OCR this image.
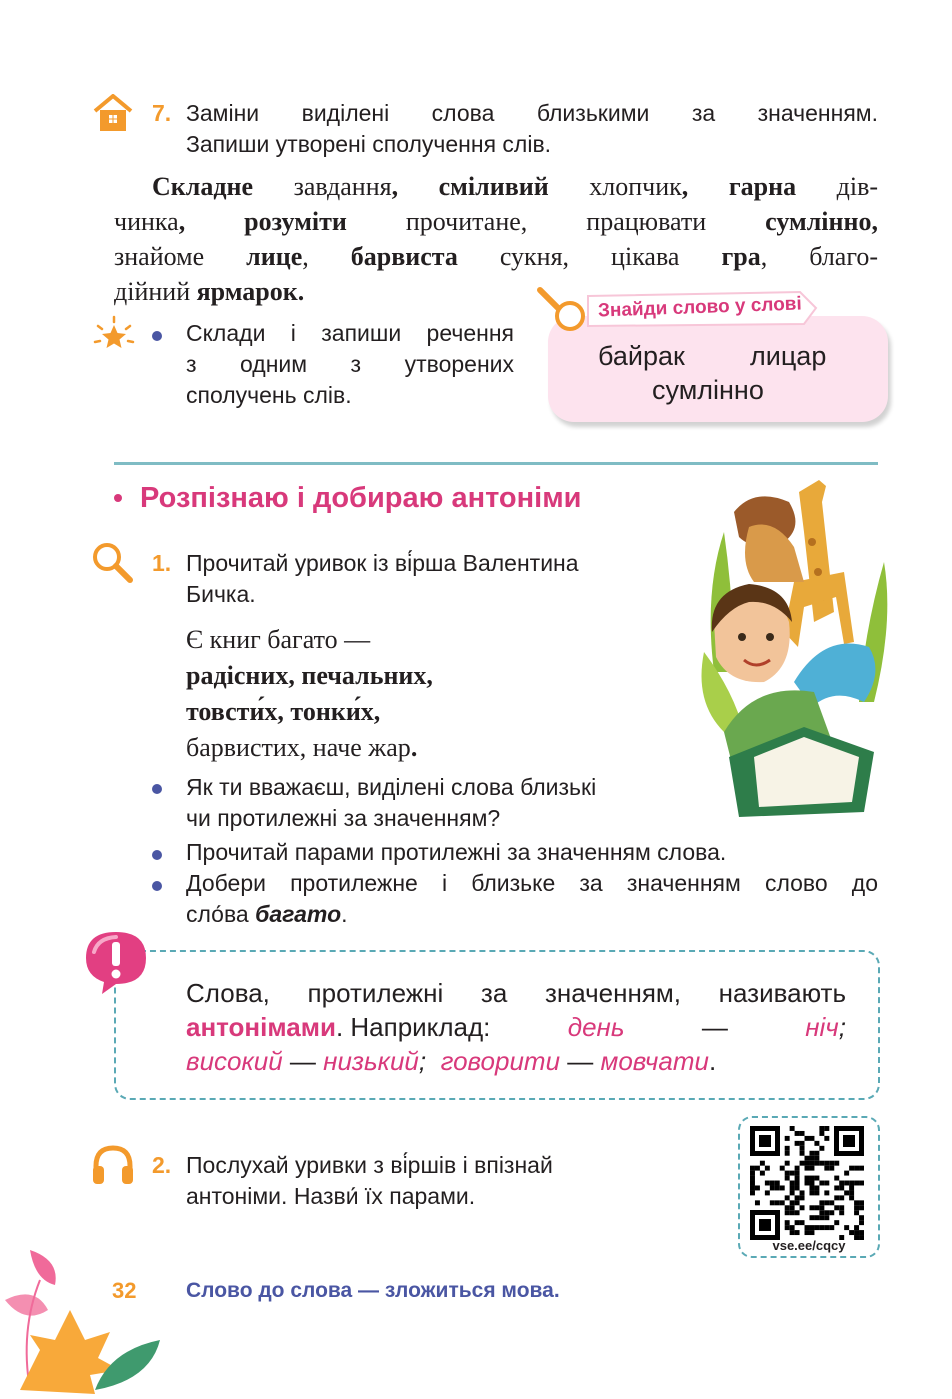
7. Заміни виділені слова близькими за значенням.
Запиши утворені сполучення слів.
Складне завдання, сміливий хлопчик, гарна дів-
чинка, розуміти прочитане, працювати сумлінно,
знайоме лице, барвиста сукня, цікава гра, благо-
дійний ярмарок.
Склади і запиши речення
з одним з утворених
сполучень слів.
байрак лицар
сумлінно
Знайди слово у слові
Розпізнаю і добираю антоніми
1. Прочитай уривок із ві́рша Валентина
Бичка.
Є книг багато —
радісних, печальних,
товсти́х, тонки́х,
барвистих, наче жар.
Як ти вважаєш, виділені слова близькі
чи протилежні за значенням?
Прочитай парами протилежні за значенням слова.
Добери протилежне і близьке за значенням слово до
сло́ва багато.
Слова, протилежні за значенням, називають
антонімами. Наприклад:	день	—	ніч;
високий — низький; говорити — мовчати.
2. Послухай уривки з ві́ршів і впізнай
антоніми. Назви́ їх парами.
vse.ee/cqcy
32 Слово до слова — зложиться мова.
